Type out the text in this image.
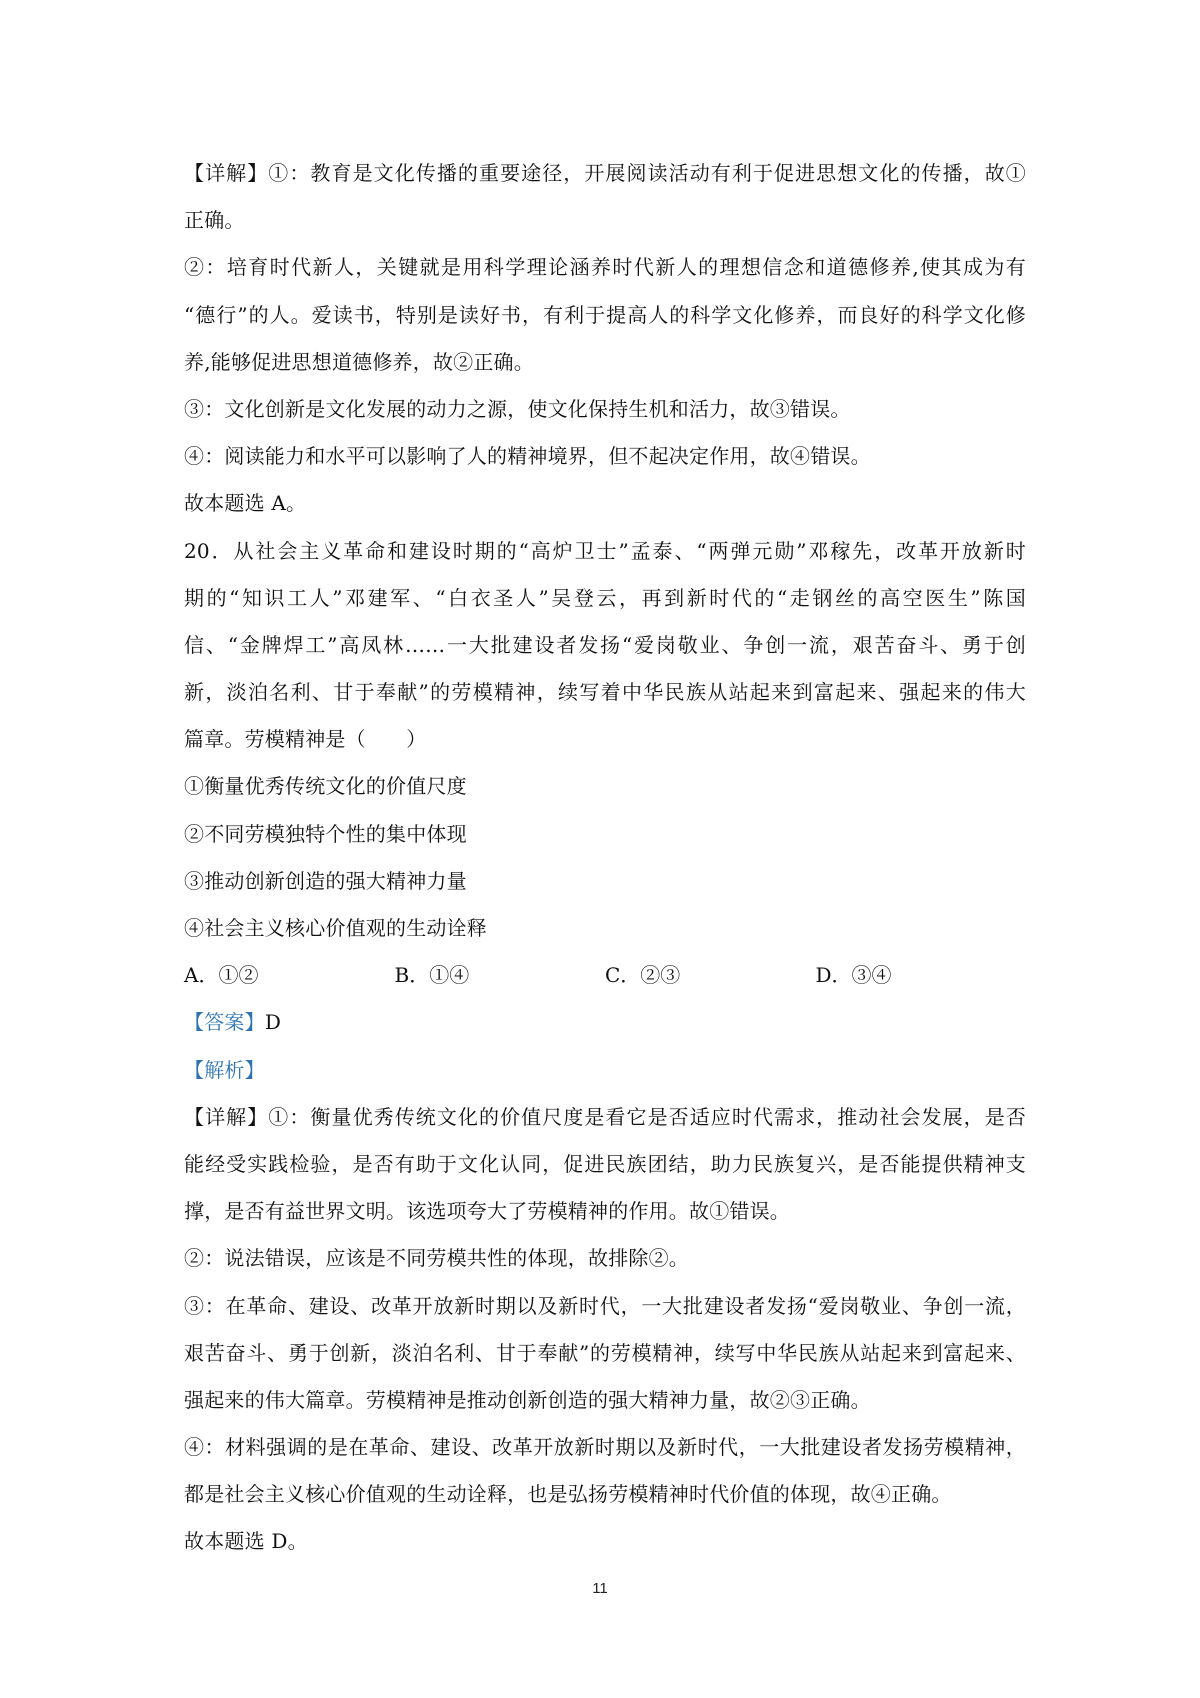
【详解】①：教育是文化传播的重要途径，开展阅读活动有利于促进思想文化的传播，故①
正确。
②：培育时代新人，关键就是用科学理论涵养时代新人的理想信念和道德修养,使其成为有
“德行”的人。爱读书，特别是读好书，有利于提高人的科学文化修养，而良好的科学文化修
养,能够促进思想道德修养，故②正确。
③：文化创新是文化发展的动力之源，使文化保持生机和活力，故③错误。
④：阅读能力和水平可以影响了人的精神境界，但不起决定作用，故④错误。
故本题选 A。
20．从社会主义革命和建设时期的“高炉卫士”孟泰、“两弹元勋”邓稼先，改革开放新时
期的“知识工人”邓建军、“白衣圣人”吴登云，再到新时代的“走钢丝的高空医生”陈国
信、“金牌焊工”高凤林……一大批建设者发扬“爱岗敬业、争创一流，艰苦奋斗、勇于创
新，淡泊名利、甘于奉献”的劳模精神，续写着中华民族从站起来到富起来、强起来的伟大
篇章。劳模精神是（　　）
①衡量优秀传统文化的价值尺度
②不同劳模独特个性的集中体现
③推动创新创造的强大精神力量
④社会主义核心价值观的生动诠释
A．①②	B．①④	C．②③	D．③④
【答案】D
【解析】
【详解】①：衡量优秀传统文化的价值尺度是看它是否适应时代需求，推动社会发展，是否
能经受实践检验，是否有助于文化认同，促进民族团结，助力民族复兴，是否能提供精神支
撑，是否有益世界文明。该选项夸大了劳模精神的作用。故①错误。
②：说法错误，应该是不同劳模共性的体现，故排除②。
③：在革命、建设、改革开放新时期以及新时代，一大批建设者发扬“爱岗敬业、争创一流，
艰苦奋斗、勇于创新，淡泊名利、甘于奉献”的劳模精神，续写中华民族从站起来到富起来、
强起来的伟大篇章。劳模精神是推动创新创造的强大精神力量，故②③正确。
④：材料强调的是在革命、建设、改革开放新时期以及新时代，一大批建设者发扬劳模精神，
都是社会主义核心价值观的生动诠释，也是弘扬劳模精神时代价值的体现，故④正确。
故本题选 D。
11
